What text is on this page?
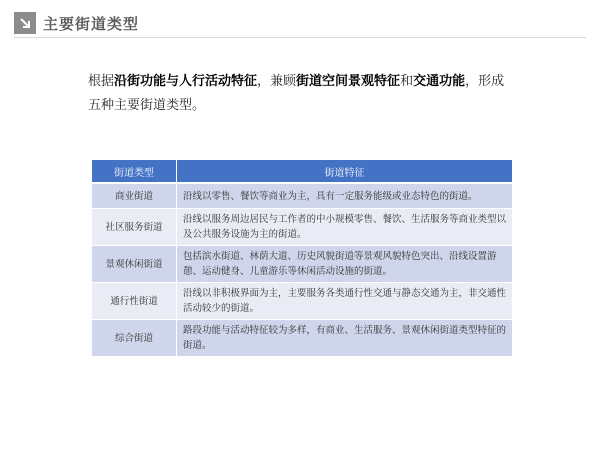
主要街道类型
根据沿街功能与人行活动特征，兼顾街道空间景观特征和交通功能，形成五种主要街道类型。
街道类型	街道特征
商业街道	沿线以零售、餐饮等商业为主，具有一定服务能级或业态特色的街道。
社区服务街道	沿线以服务周边居民与工作者的中小规模零售、餐饮、生活服务等商业类型以及公共服务设施为主的街道。
景观休闲街道	包括滨水街道、林荫大道、历史风貌街道等景观风貌特色突出、沿线设置游憩、运动健身、儿童游乐等休闲活动设施的街道。
通行性街道	沿线以非积极界面为主，主要服务各类通行性交通与静态交通为主，非交通性活动较少的街道。
综合街道	路段功能与活动特征较为多样，有商业、生活服务、景观休闲街道类型特征的街道。
